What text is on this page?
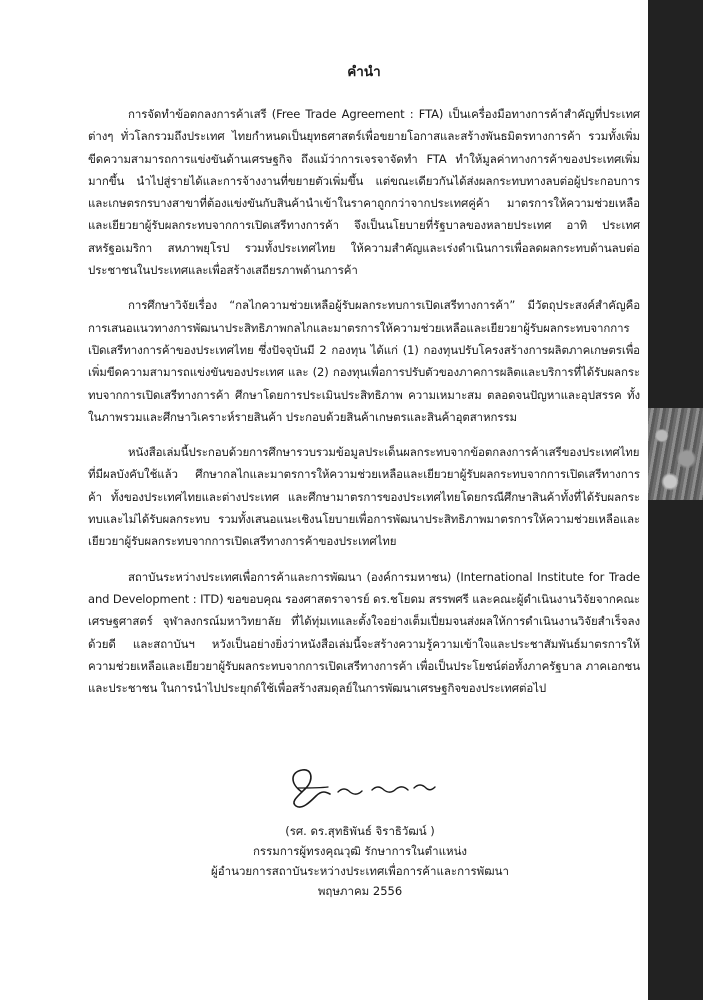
คำนำ

การจัดทำข้อตกลงการค้าเสรี (Free Trade Agreement : FTA) เป็นเครื่องมือทางการค้าสำคัญที่ประเทศต่างๆ ทั่วโลกรวมถึงประเทศ ไทยกำหนดเป็นยุทธศาสตร์เพื่อขยายโอกาสและสร้างพันธมิตรทางการค้า รวมทั้งเพิ่มขีดความสามารถการแข่งขันด้านเศรษฐกิจ ถึงแม้ว่าการเจรจาจัดทำ FTA ทำให้มูลค่าทางการค้าของประเทศเพิ่มมากขึ้น นำไปสู่รายได้และการจ้างงานที่ขยายตัวเพิ่มขึ้น แต่ขณะเดียวกันได้ส่งผลกระทบทางลบต่อผู้ประกอบการและเกษตรกรบางสาขาที่ต้องแข่งขันกับสินค้านำเข้าในราคาถูกกว่าจากประเทศคู่ค้า มาตรการให้ความช่วยเหลือและเยียวยาผู้รับผลกระทบจากการเปิดเสรีทางการค้า จึงเป็นนโยบายที่รัฐบาลของหลายประเทศ อาทิ ประเทศสหรัฐอเมริกา สหภาพยุโรป รวมทั้งประเทศไทย ให้ความสำคัญและเร่งดำเนินการเพื่อลดผลกระทบด้านลบต่อประชาชนในประเทศและเพื่อสร้างเสถียรภาพด้านการค้า

การศึกษาวิจัยเรื่อง “กลไกความช่วยเหลือผู้รับผลกระทบการเปิดเสรีทางการค้า” มีวัตถุประสงค์สำคัญคือ การเสนอแนวทางการพัฒนาประสิทธิภาพกลไกและมาตรการให้ความช่วยเหลือและเยียวยาผู้รับผลกระทบจากการเปิดเสรีทางการค้าของประเทศไทย ซึ่งปัจจุบันมี 2 กองทุน ได้แก่ (1) กองทุนปรับโครงสร้างการผลิตภาคเกษตรเพื่อเพิ่มขีดความสามารถแข่งขันของประเทศ และ (2) กองทุนเพื่อการปรับตัวของภาคการผลิตและบริการที่ได้รับผลกระทบจากการเปิดเสรีทางการค้า ศึกษาโดยการประเมินประสิทธิภาพ ความเหมาะสม ตลอดจนปัญหาและอุปสรรค ทั้งในภาพรวมและศึกษาวิเคราะห์รายสินค้า ประกอบด้วยสินค้าเกษตรและสินค้าอุตสาหกรรม

หนังสือเล่มนี้ประกอบด้วยการศึกษารวบรวมข้อมูลประเด็นผลกระทบจากข้อตกลงการค้าเสรีของประเทศไทยที่มีผลบังคับใช้แล้ว ศึกษากลไกและมาตรการให้ความช่วยเหลือและเยียวยาผู้รับผลกระทบจากการเปิดเสรีทางการค้า ทั้งของประเทศไทยและต่างประเทศ และศึกษามาตรการของประเทศไทยโดยกรณีศึกษาสินค้าทั้งที่ได้รับผลกระทบและไม่ได้รับผลกระทบ รวมทั้งเสนอแนะเชิงนโยบายเพื่อการพัฒนาประสิทธิภาพมาตรการให้ความช่วยเหลือและเยียวยาผู้รับผลกระทบจากการเปิดเสรีทางการค้าของประเทศไทย

สถาบันระหว่างประเทศเพื่อการค้าและการพัฒนา (องค์การมหาชน) (International Institute for Trade and Development : ITD) ขอขอบคุณ รองศาสตราจารย์ ดร.ชโยดม สรรพศรี และคณะผู้ดำเนินงานวิจัยจากคณะเศรษฐศาสตร์ จุฬาลงกรณ์มหาวิทยาลัย ที่ได้ทุ่มเทและตั้งใจอย่างเต็มเปี่ยมจนส่งผลให้การดำเนินงานวิจัยสำเร็จลงด้วยดี และสถาบันฯ หวังเป็นอย่างยิ่งว่าหนังสือเล่มนี้จะสร้างความรู้ความเข้าใจและประชาสัมพันธ์มาตรการให้ความช่วยเหลือและเยียวยาผู้รับผลกระทบจากการเปิดเสรีทางการค้า เพื่อเป็นประโยชน์ต่อทั้งภาครัฐบาล ภาคเอกชน และประชาชน ในการนำไปประยุกต์ใช้เพื่อสร้างสมดุลย์ในการพัฒนาเศรษฐกิจของประเทศต่อไป

(รศ. ดร.สุทธิพันธ์ จิราธิวัฒน์ )

กรรมการผู้ทรงคุณวุฒิ รักษาการในตำแหน่ง

ผู้อำนวยการสถาบันระหว่างประเทศเพื่อการค้าและการพัฒนา

พฤษภาคม 2556
